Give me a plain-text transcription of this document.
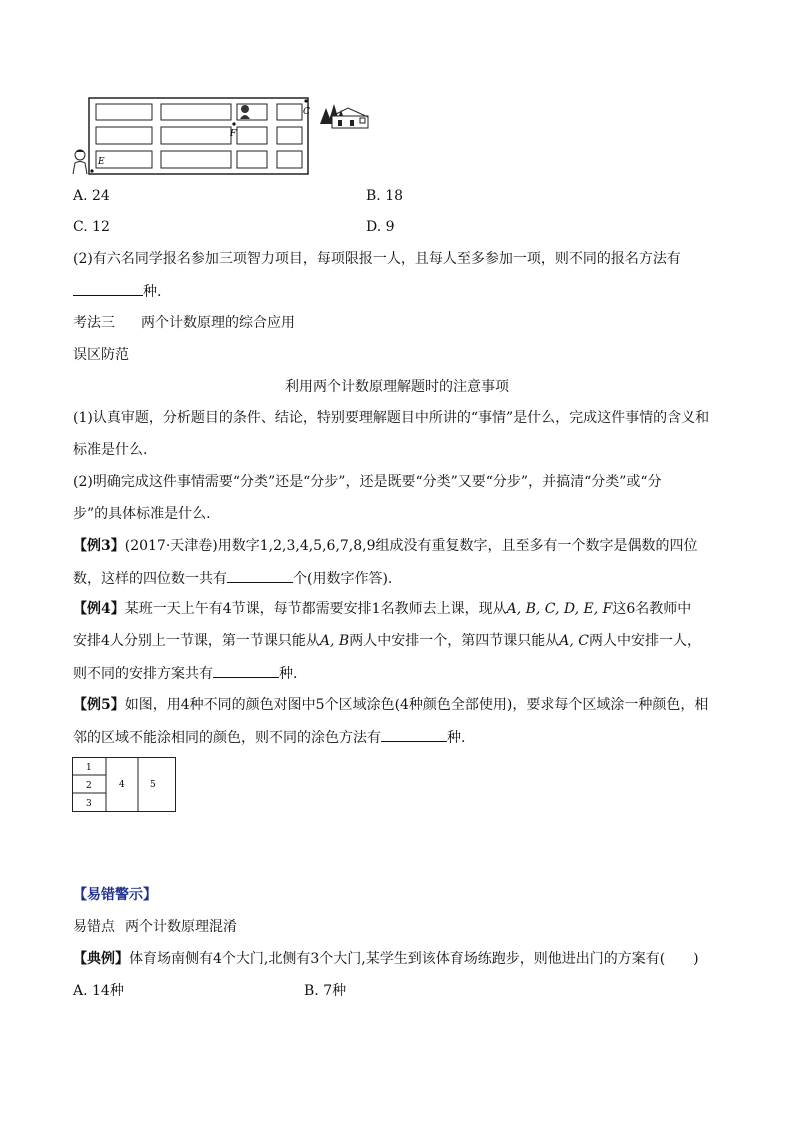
C
F
E
A. 24	B. 18
C. 12	D. 9
(2)有六名同学报名参加三项智力项目，每项限报一人，且每人至多参加一项，则不同的报名方法有
种.
考法三 两个计数原理的综合应用
误区防范
利用两个计数原理解题时的注意事项
(1)认真审题，分析题目的条件、结论，特别要理解题目中所讲的“事情”是什么，完成这件事情的含义和
标准是什么.
(2)明确完成这件事情需要“分类”还是“分步”，还是既要“分类”又要“分步”，并搞清“分类”或“分
步”的具体标准是什么.
【例3】(2017·天津卷)用数字1,2,3,4,5,6,7,8,9组成没有重复数字，且至多有一个数字是偶数的四位
数，这样的四位数一共有	个(用数字作答).
【例4】某班一天上午有4节课，每节都需要安排1名教师去上课，现从A, B, C, D, E, F这6名教师中
安排4人分别上一节课，第一节课只能从A, B两人中安排一个，第四节课只能从A, C两人中安排一人，
则不同的安排方案共有	种.
【例5】如图，用4种不同的颜色对图中5个区域涂色(4种颜色全部使用)，要求每个区域涂一种颜色，相
邻的区域不能涂相同的颜色，则不同的涂色方法有	种.
1
2
3
4	5
【易错警示】
易错点 两个计数原理混淆
【典例】体育场南侧有4个大门,北侧有3个大门,某学生到该体育场练跑步，则他进出门的方案有(　　)
A. 14种	B. 7种
